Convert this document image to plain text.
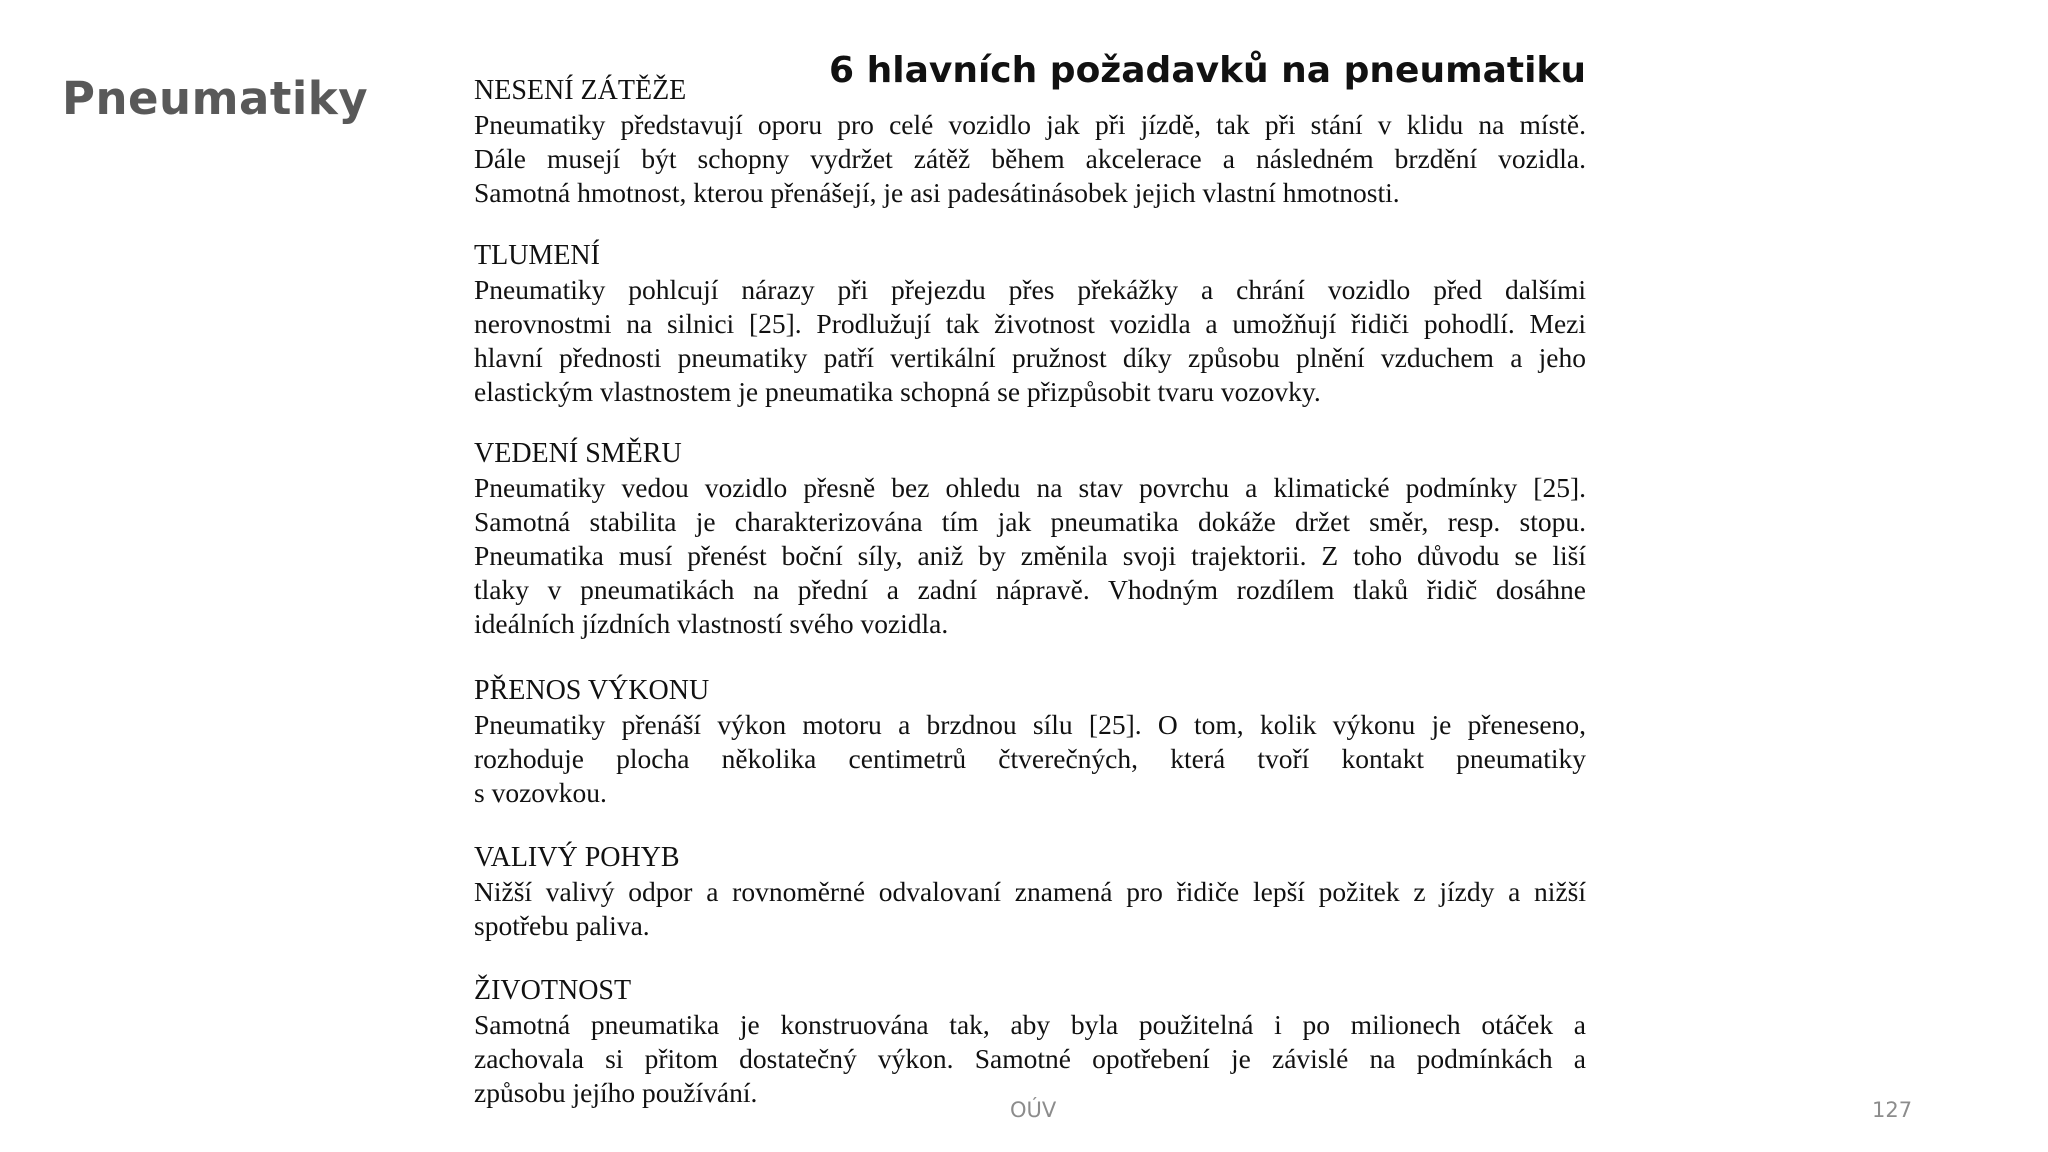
Pneumatiky
6 hlavních požadavků na pneumatiku

NESENÍ ZÁTĚŽE

Pneumatiky představují oporu pro celé vozidlo jak při jízdě, tak při stání v klidu na místě.
Dále musejí být schopny vydržet zátěž během akcelerace a následném brzdění vozidla.
Samotná hmotnost, kterou přenášejí, je asi padesátinásobek jejich vlastní hmotnosti.

TLUMENÍ

Pneumatiky pohlcují nárazy při přejezdu přes překážky a chrání vozidlo před dalšími
nerovnostmi na silnici [25]. Prodlužují tak životnost vozidla a umožňují řidiči pohodlí. Mezi
hlavní přednosti pneumatiky patří vertikální pružnost díky způsobu plnění vzduchem a jeho
elastickým vlastnostem je pneumatika schopná se přizpůsobit tvaru vozovky.

VEDENÍ SMĚRU

Pneumatiky vedou vozidlo přesně bez ohledu na stav povrchu a klimatické podmínky [25].
Samotná stabilita je charakterizována tím jak pneumatika dokáže držet směr, resp. stopu.
Pneumatika musí přenést boční síly, aniž by změnila svoji trajektorii. Z toho důvodu se liší
tlaky v pneumatikách na přední a zadní nápravě. Vhodným rozdílem tlaků řidič dosáhne
ideálních jízdních vlastností svého vozidla.

PŘENOS VÝKONU

Pneumatiky přenáší výkon motoru a brzdnou sílu [25]. O tom, kolik výkonu je přeneseno,
rozhoduje plocha několika centimetrů čtverečných, která tvoří kontakt pneumatiky
s vozovkou.

VALIVÝ POHYB

Nižší valivý odpor a rovnoměrné odvalovaní znamená pro řidiče lepší požitek z jízdy a nižší
spotřebu paliva.

ŽIVOTNOST

Samotná pneumatika je konstruována tak, aby byla použitelná i po milionech otáček a
zachovala si přitom dostatečný výkon. Samotné opotřebení je závislé na podmínkách a
způsobu jejího používání.

OÚV	127
